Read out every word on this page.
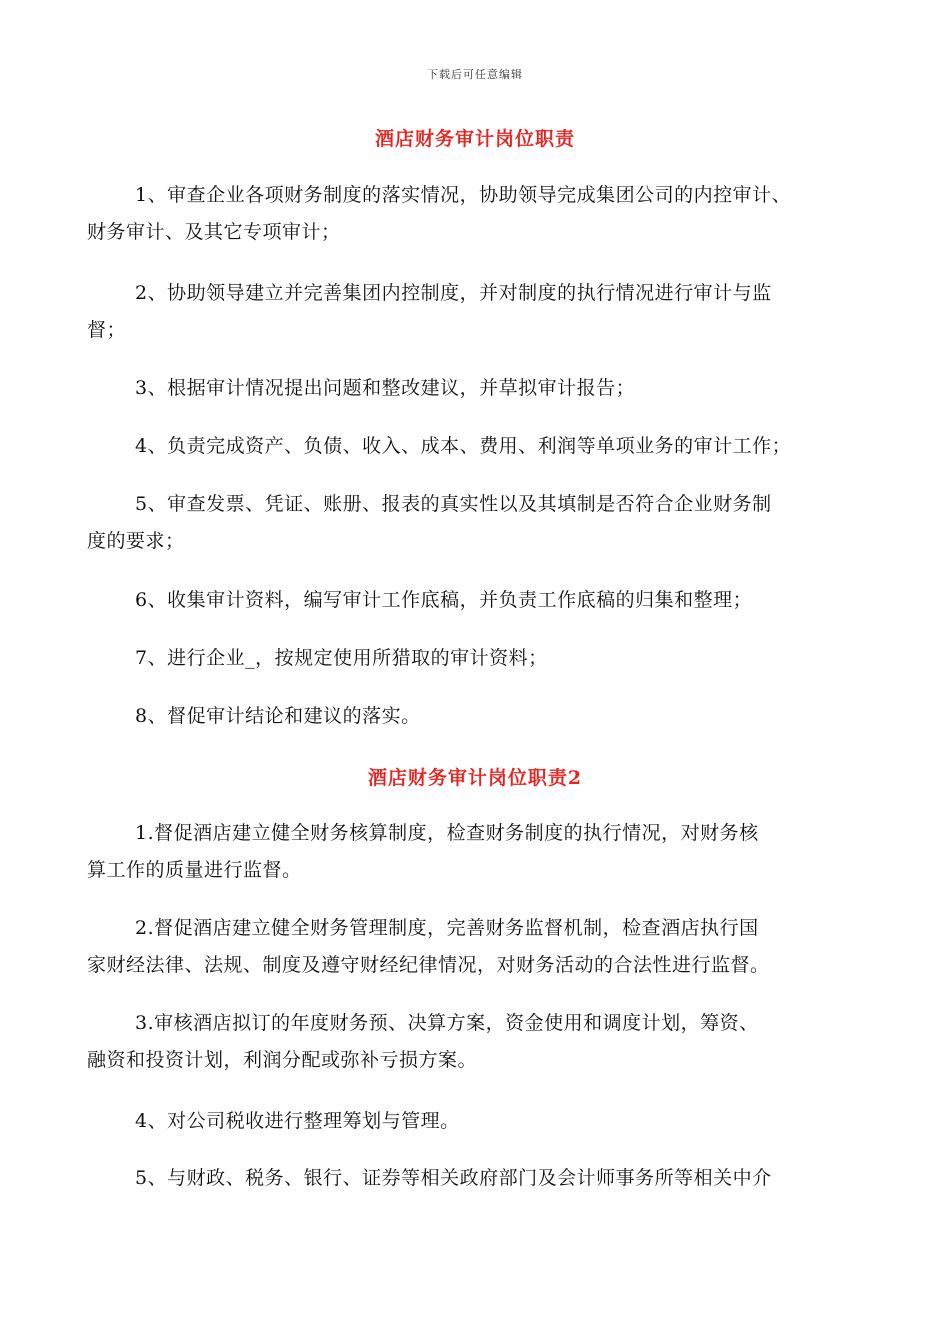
下载后可任意编辑
酒店财务审计岗位职责
1、审查企业各项财务制度的落实情况，协助领导完成集团公司的内控审计、
财务审计、及其它专项审计；
2、协助领导建立并完善集团内控制度，并对制度的执行情况进行审计与监
督；
3、根据审计情况提出问题和整改建议，并草拟审计报告；
4、负责完成资产、负债、收入、成本、费用、利润等单项业务的审计工作；
5、审查发票、凭证、账册、报表的真实性以及其填制是否符合企业财务制
度的要求；
6、收集审计资料，编写审计工作底稿，并负责工作底稿的归集和整理；
7、进行企业_，按规定使用所猎取的审计资料；
8、督促审计结论和建议的落实。
酒店财务审计岗位职责2
1.督促酒店建立健全财务核算制度，检查财务制度的执行情况，对财务核
算工作的质量进行监督。
2.督促酒店建立健全财务管理制度，完善财务监督机制，检查酒店执行国
家财经法律、法规、制度及遵守财经纪律情况，对财务活动的合法性进行监督。
3.审核酒店拟订的年度财务预、决算方案，资金使用和调度计划，筹资、
融资和投资计划，利润分配或弥补亏损方案。
4、对公司税收进行整理筹划与管理。
5、与财政、税务、银行、证券等相关政府部门及会计师事务所等相关中介
